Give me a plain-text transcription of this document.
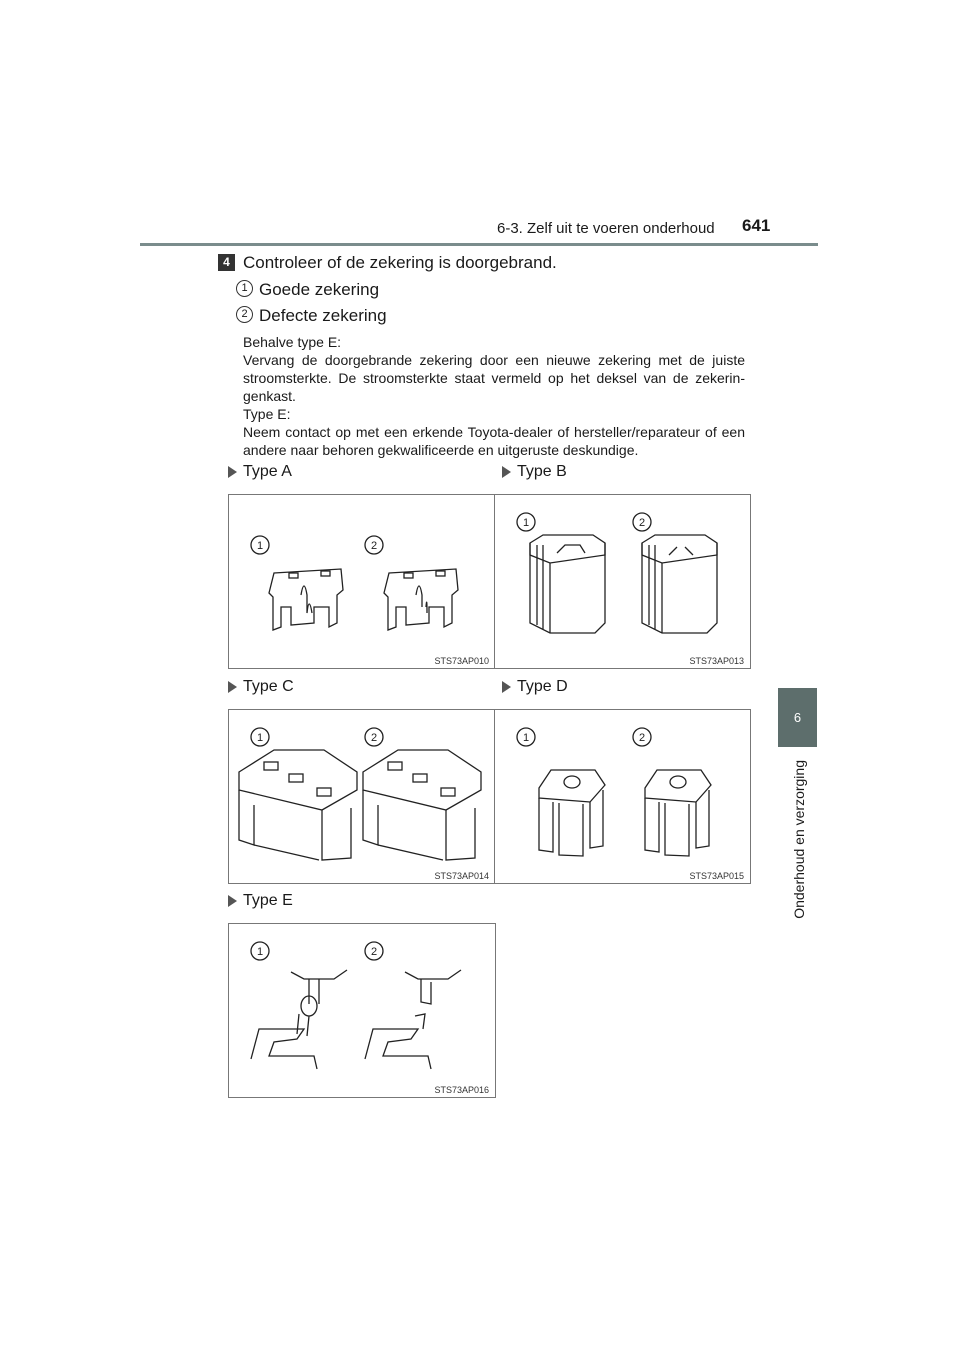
6-3. Zelf uit te voeren onderhoud 641
6
Onderhoud en verzorging
4 Controleer of de zekering is doorgebrand.
1 Goede zekering
2 Defecte zekering
Behalve type E:
Vervang de doorgebrande zekering door een nieuwe zekering met de juiste stroomsterkte. De stroomsterkte staat vermeld op het deksel van de zekerin-genkast.
Type E:
Neem contact op met een erkende Toyota-dealer of hersteller/reparateur of een andere naar behoren gekwalificeerde en uitgeruste deskundige.
Type A	Type B
Type C	Type D
Type E
1	2
STS73AP010
1	2
STS73AP013
1	2
STS73AP014
1	2
STS73AP015
1	2
STS73AP016
